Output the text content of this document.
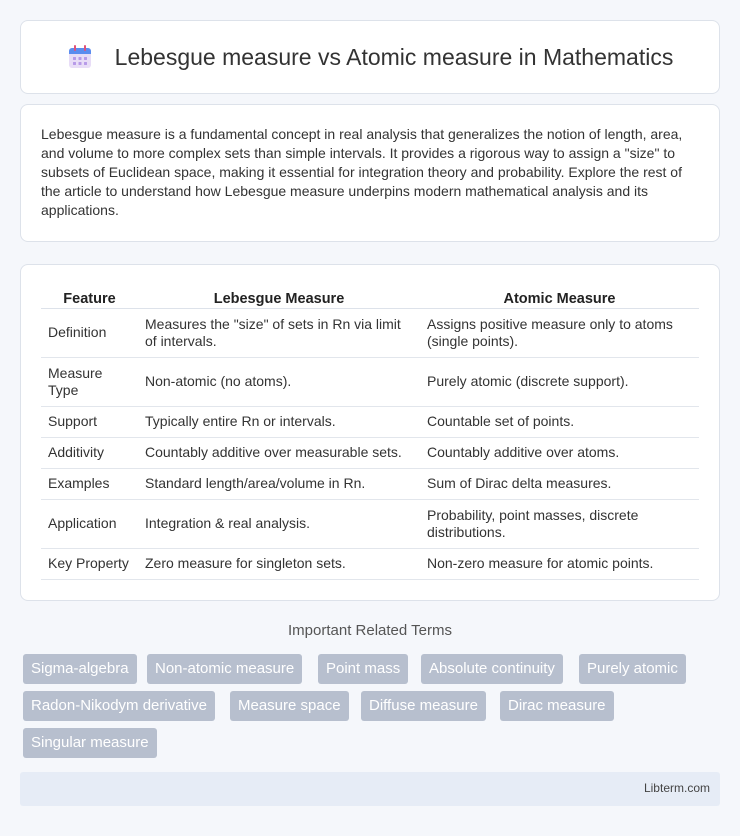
Lebesgue measure vs Atomic measure in Mathematics

Lebesgue measure is a fundamental concept in real analysis that generalizes the notion of length, area, and volume to more complex sets than simple intervals. It provides a rigorous way to assign a "size" to subsets of Euclidean space, making it essential for integration theory and probability. Explore the rest of the article to understand how Lebesgue measure underpins modern mathematical analysis and its applications.

Feature	Lebesgue Measure	Atomic Measure
Definition	Measures the "size" of sets in Rn via limit of intervals.	Assigns positive measure only to atoms (single points).
Measure Type	Non-atomic (no atoms).	Purely atomic (discrete support).
Support	Typically entire Rn or intervals.	Countable set of points.
Additivity	Countably additive over measurable sets.	Countably additive over atoms.
Examples	Standard length/area/volume in Rn.	Sum of Dirac delta measures.
Application	Integration & real analysis.	Probability, point masses, discrete distributions.
Key Property	Zero measure for singleton sets.	Non-zero measure for atomic points.
Important Related Terms
Sigma-algebra	Non-atomic measure	Point mass	Absolute continuity	Purely atomic
Radon-Nikodym derivative	Measure space	Diffuse measure	Dirac measure
Singular measure
Libterm.com
